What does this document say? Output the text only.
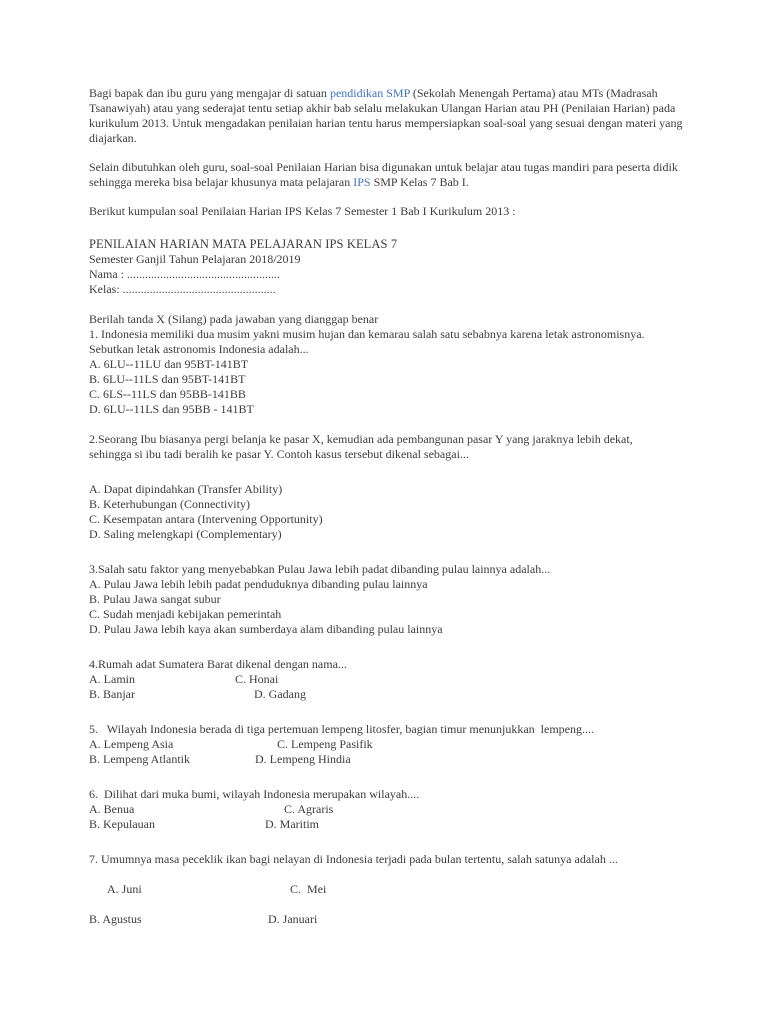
Bagi bapak dan ibu guru yang mengajar di satuan pendidikan SMP (Sekolah Menengah Pertama) atau MTs (Madrasah Tsanawiyah) atau yang sederajat tentu setiap akhir bab selalu melakukan Ulangan Harian atau PH (Penilaian Harian) pada kurikulum 2013. Untuk mengadakan penilaian harian tentu harus mempersiapkan soal-soal yang sesuai dengan materi yang diajarkan.

Selain dibutuhkan oleh guru, soal-soal Penilaian Harian bisa digunakan untuk belajar atau tugas mandiri para peserta didik sehingga mereka bisa belajar khusunya mata pelajaran IPS SMP Kelas 7 Bab I.

Berikut kumpulan soal Penilaian Harian IPS Kelas 7 Semester 1 Bab I Kurikulum 2013 :

PENILAIAN HARIAN MATA PELAJARAN IPS KELAS 7
Semester Ganjil Tahun Pelajaran 2018/2019
Nama : ...................................................
Kelas: ...................................................
Berilah tanda X (Silang) pada jawaban yang dianggap benar
1. Indonesia memiliki dua musim yakni musim hujan dan kemarau salah satu sebabnya karena letak astronomisnya.
Sebutkan letak astronomis Indonesia adalah...
A. 6LU--11LU dan 95BT-141BT
B. 6LU--11LS dan 95BT-141BT
C. 6LS--11LS dan 95BB-141BB
D. 6LU--11LS dan 95BB - 141BT
2.Seorang Ibu biasanya pergi belanja ke pasar X, kemudian ada pembangunan pasar Y yang jaraknya lebih dekat,
sehingga si ibu tadi beralih ke pasar Y. Contoh kasus tersebut dikenal sebagai...
A. Dapat dipindahkan (Transfer Ability)
B. Keterhubungan (Connectivity)
C. Kesempatan antara (Intervening Opportunity)
D. Saling melengkapi (Complementary)
3.Salah satu faktor yang menyebabkan Pulau Jawa lebih padat dibanding pulau lainnya adalah...
A. Pulau Jawa lebih lebih padat penduduknya dibanding pulau lainnya
B. Pulau Jawa sangat subur
C. Sudah menjadi kebijakan pemerintah
D. Pulau Jawa lebih kaya akan sumberdaya alam dibanding pulau lainnya
4.Rumah adat Sumatera Barat dikenal dengan nama...
A. Lamin	C. Honai
B. Banjar	D. Gadang
5.   Wilayah Indonesia berada di tiga pertemuan lempeng litosfer, bagian timur menunjukkan  lempeng....
A. Lempeng Asia	C. Lempeng Pasifik
B. Lempeng Atlantik	D. Lempeng Hindia
6.  Dilihat dari muka bumi, wilayah Indonesia merupakan wilayah....
A. Benua	C. Agraris
B. Kepulauan	D. Maritim
7. Umumnya masa peceklik ikan bagi nelayan di Indonesia terjadi pada bulan tertentu, salah satunya adalah ...

A. Juni	C.  Mei

B. Agustus	D. Januari
